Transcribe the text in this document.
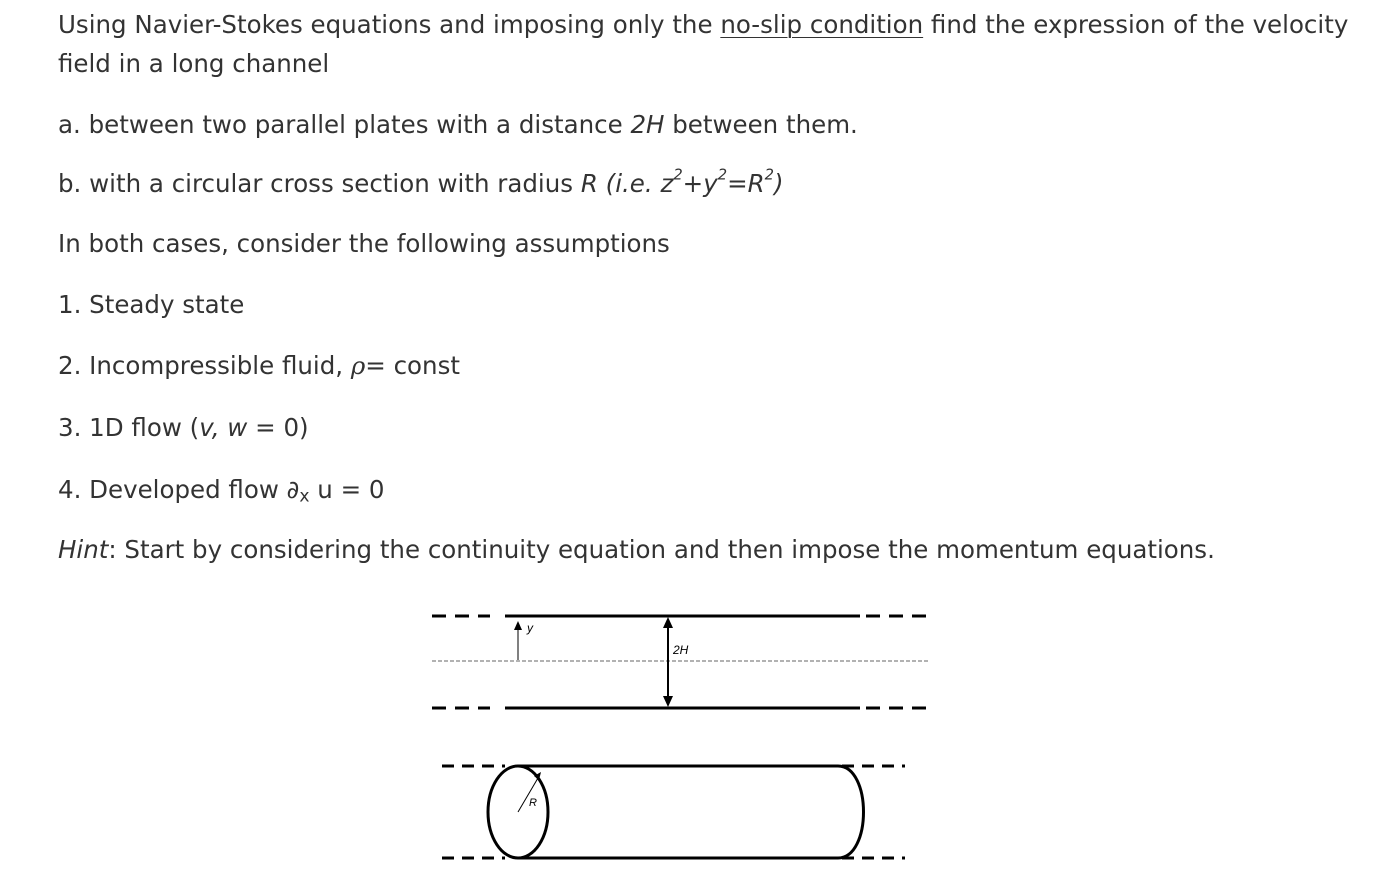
Using Navier-Stokes equations and imposing only the no-slip condition find the expression of the velocity
field in a long channel
a. between two parallel plates with a distance 2H between them.
b. with a circular cross section with radius R (i.e. $z^2+y^2=R^2$)
In both cases, consider the following assumptions
1. Steady state
2. Incompressible fluid, ρ= const
3. 1D flow (v, w = 0)
4. Developed flow $\partial_x$ u = 0
Hint: Start by considering the continuity equation and then impose the momentum equations.
y
2H
R
